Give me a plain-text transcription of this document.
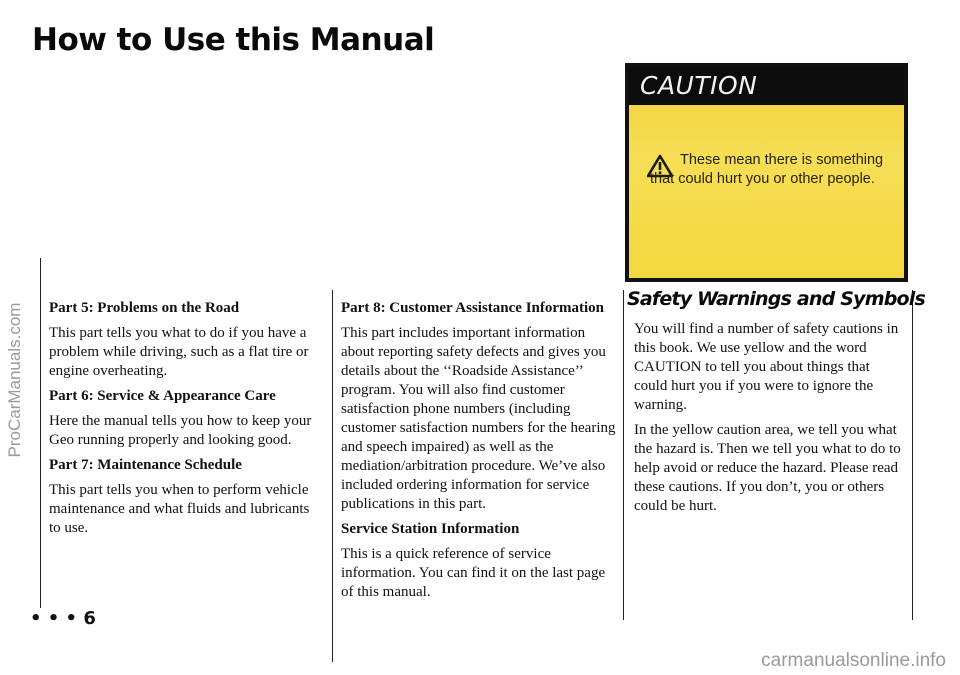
How to Use this Manual
ProCarManuals.com Part 5: Problems on the Road

This part tells you what to do if you have a problem while driving, such as a flat tire or engine overheating.

Part 6: Service & Appearance Care

Here the manual tells you how to keep your Geo running properly and looking good.

Part 7: Maintenance Schedule

This part tells you when to perform vehicle maintenance and what fluids and lubricants to use.

Part 8: Customer Assistance Information

This part includes important information about reporting safety defects and gives you details about the ‘‘Roadside Assistance’’ program. You will also find customer satisfaction phone numbers (including customer satisfaction numbers for the hearing and speech impaired) as well as the mediation/arbitration procedure. We’ve also included ordering information for service publications in this part.

Service Station Information

This is a quick reference of service information. You can find it on the last page of this manual.

CAUTION
These mean there is something that could hurt you or other people.
Safety Warnings and Symbols

You will find a number of safety cautions in this book. We use yellow and the word CAUTION to tell you about things that could hurt you if you were to ignore the warning.

In the yellow caution area, we tell you what the hazard is. Then we tell you what to do to help avoid or reduce the hazard. Please read these cautions. If you don’t, you or others could be hurt.

• • • 6
carmanualsonline.info
